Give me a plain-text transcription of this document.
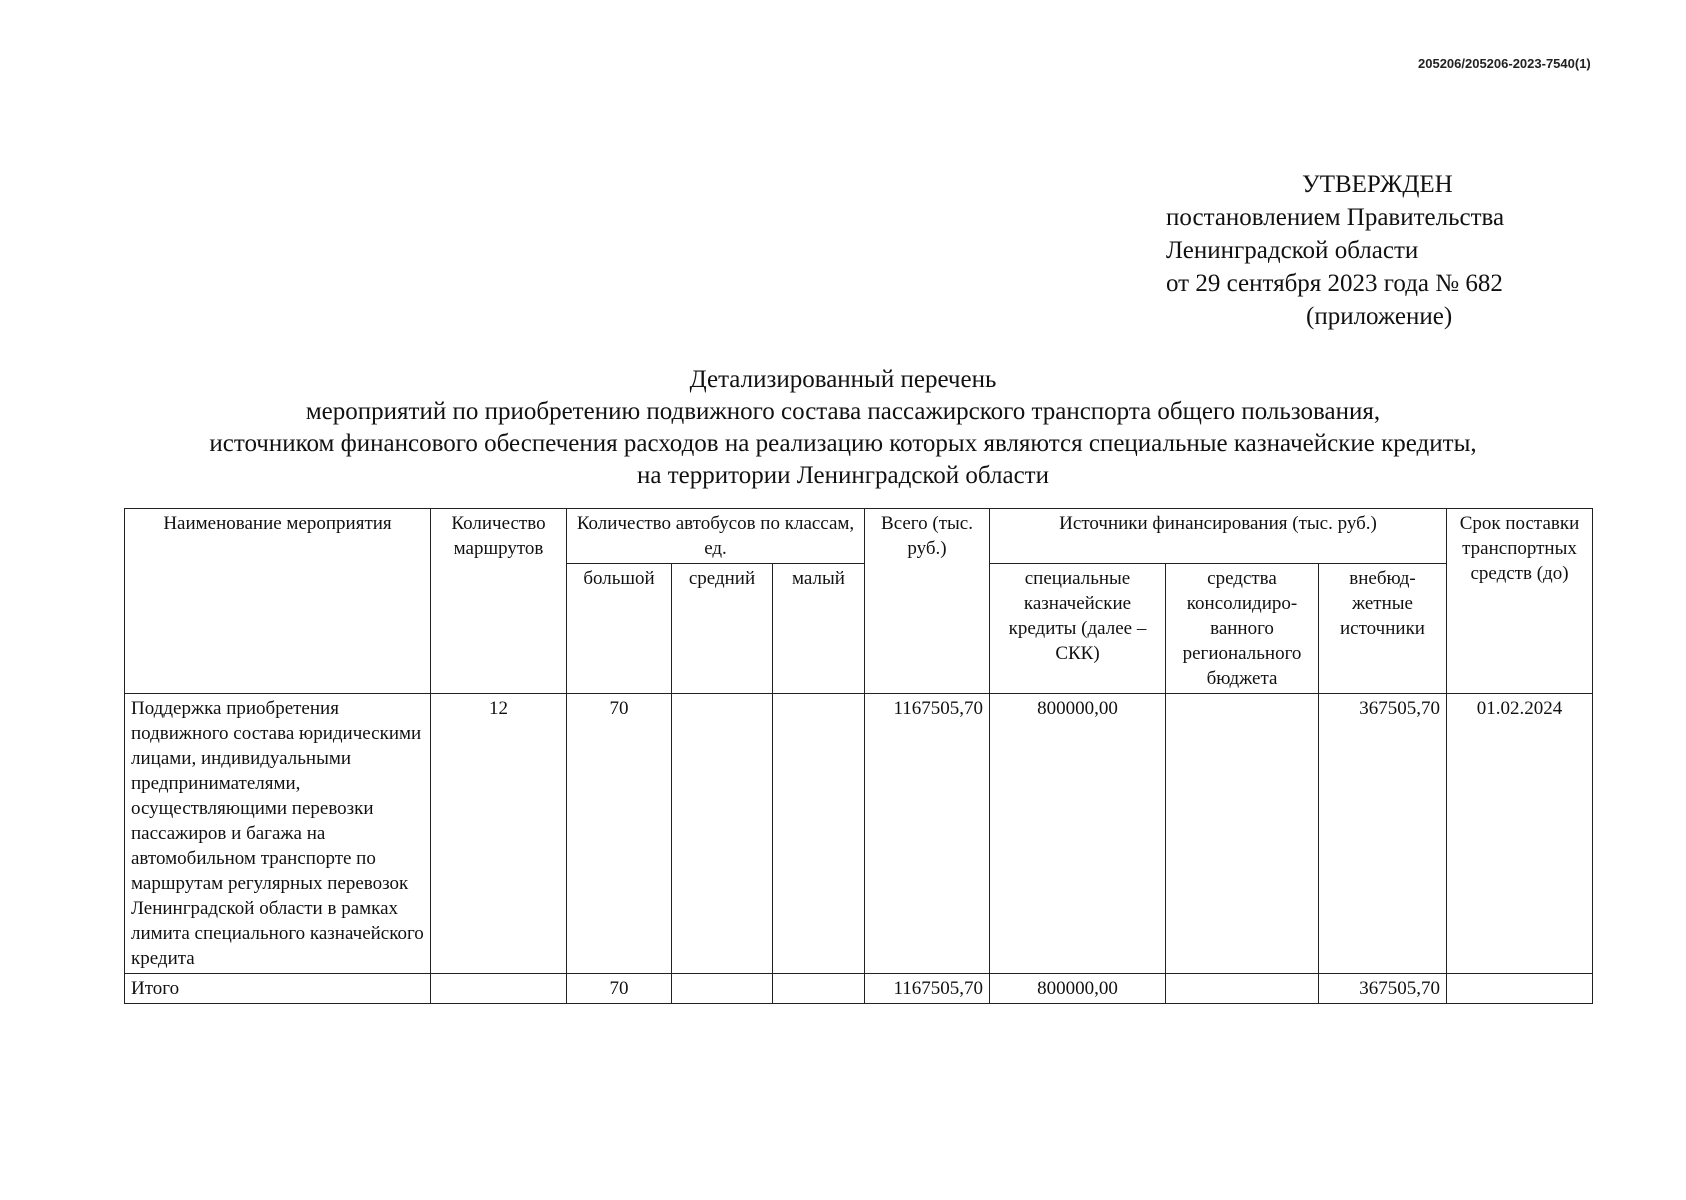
205206/205206-2023-7540(1)
УТВЕРЖДЕН
постановлением Правительства
Ленинградской области
от 29 сентября 2023 года № 682
(приложение)
Детализированный перечень
мероприятий по приобретению подвижного состава пассажирского транспорта общего пользования,
источником финансового обеспечения расходов на реализацию которых являются специальные казначейские кредиты,
на территории Ленинградской области
Наименование мероприятия	Количество маршрутов	Количество автобусов по классам, ед.			Всего (тыс. руб.)	Источники финансирования (тыс. руб.)			Срок поставки транспортных средств (до)
		большой	средний	малый		специальные казначейские кредиты (далее – СКК)	средства консолидиро-ванного регионального бюджета	внебюд-жетные источники	
Поддержка приобретения подвижного состава юридическими лицами, индивидуальными предпринимателями, осуществляющими перевозки пассажиров и багажа на автомобильном транспорте по маршрутам регулярных перевозок Ленинградской области в рамках лимита специального казначейского кредита	12	70			1167505,70	800000,00		367505,70	01.02.2024
Итого		70			1167505,70	800000,00		367505,70	
